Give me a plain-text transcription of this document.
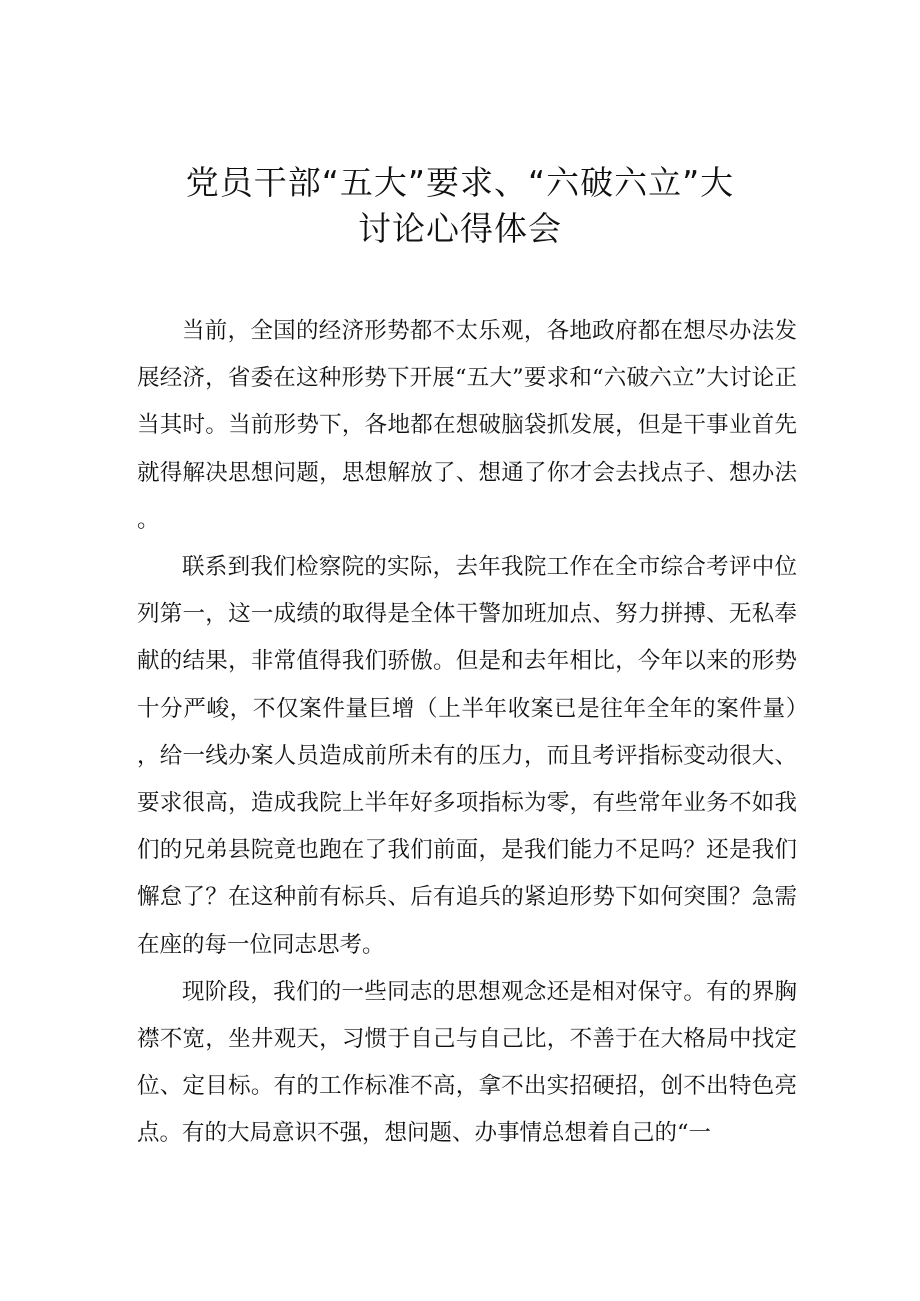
党员干部“五大”要求、“六破六立”大
讨论心得体会

当前，全国的经济形势都不太乐观，各地政府都在想尽办法发展经济，省委在这种形势下开展“五大”要求和“六破六立”大讨论正当其时。当前形势下，各地都在想破脑袋抓发展，但是干事业首先就得解决思想问题，思想解放了、想通了你才会去找点子、想办法。

联系到我们检察院的实际，去年我院工作在全市综合考评中位列第一，这一成绩的取得是全体干警加班加点、努力拼搏、无私奉献的结果，非常值得我们骄傲。但是和去年相比，今年以来的形势十分严峻，不仅案件量巨增（上半年收案已是往年全年的案件量），给一线办案人员造成前所未有的压力，而且考评指标变动很大、要求很高，造成我院上半年好多项指标为零，有些常年业务不如我们的兄弟县院竟也跑在了我们前面，是我们能力不足吗？还是我们懈怠了？在这种前有标兵、后有追兵的紧迫形势下如何突围？急需在座的每一位同志思考。

现阶段，我们的一些同志的思想观念还是相对保守。有的界胸襟不宽，坐井观天，习惯于自己与自己比，不善于在大格局中找定位、定目标。有的工作标准不高，拿不出实招硬招，创不出特色亮点。有的大局意识不强，想问题、办事情总想着自己的“一
